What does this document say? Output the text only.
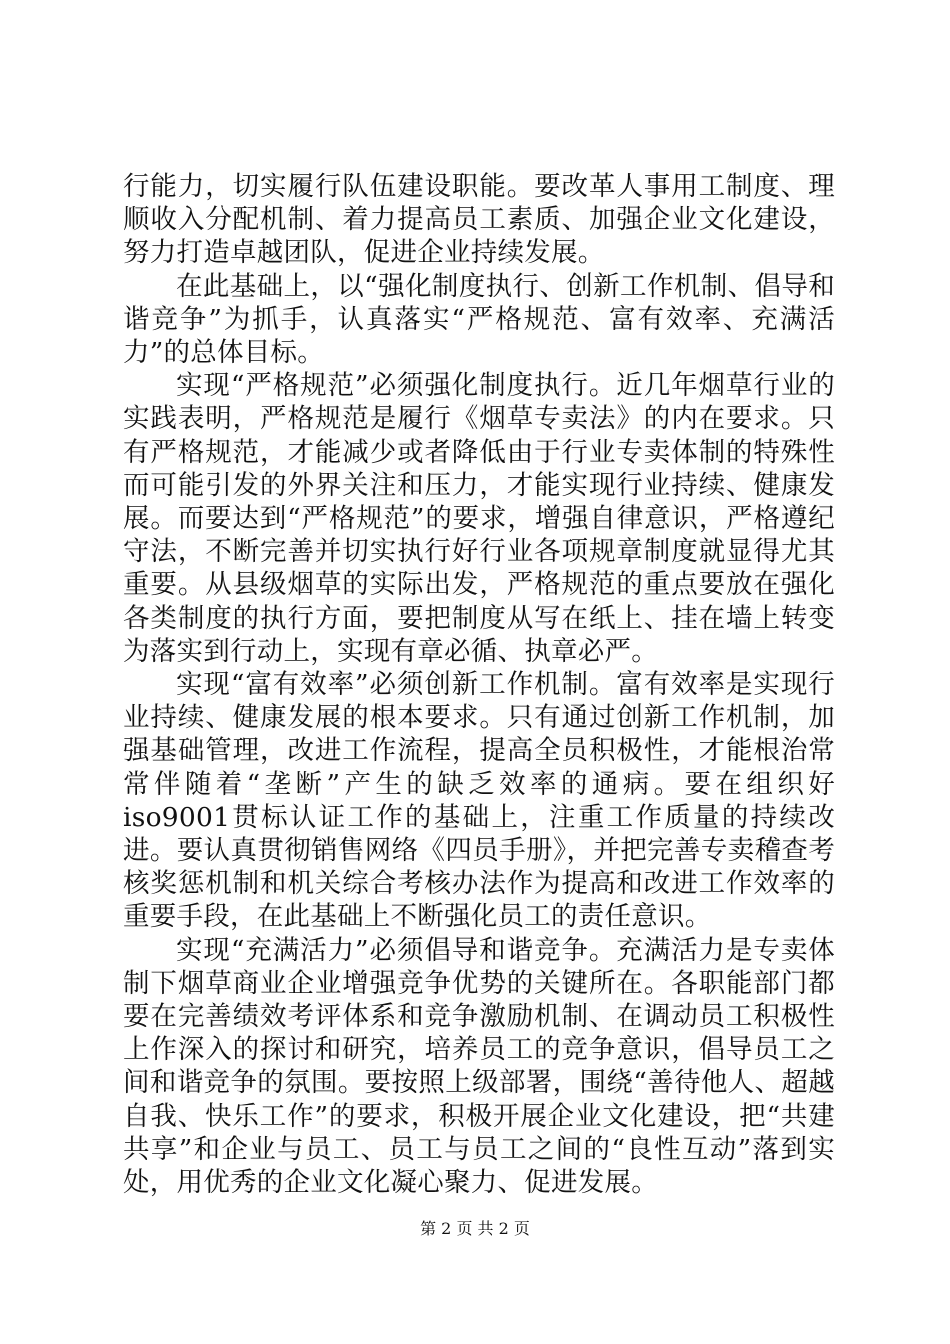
行能力，切实履行队伍建设职能。要改革人事用工制度、理顺收入分配机制、着力提高员工素质、加强企业文化建设，努力打造卓越团队，促进企业持续发展。

在此基础上，以“强化制度执行、创新工作机制、倡导和谐竞争”为抓手，认真落实“严格规范、富有效率、充满活力”的总体目标。

实现“严格规范”必须强化制度执行。近几年烟草行业的实践表明，严格规范是履行《烟草专卖法》的内在要求。只有严格规范，才能减少或者降低由于行业专卖体制的特殊性而可能引发的外界关注和压力，才能实现行业持续、健康发展。而要达到“严格规范”的要求，增强自律意识，严格遵纪守法，不断完善并切实执行好行业各项规章制度就显得尤其重要。从县级烟草的实际出发，严格规范的重点要放在强化各类制度的执行方面，要把制度从写在纸上、挂在墙上转变为落实到行动上，实现有章必循、执章必严。

实现“富有效率”必须创新工作机制。富有效率是实现行业持续、健康发展的根本要求。只有通过创新工作机制，加强基础管理，改进工作流程，提高全员积极性，才能根治常常伴随着“垄断”产生的缺乏效率的通病。要在组织好iso9001贯标认证工作的基础上，注重工作质量的持续改进。要认真贯彻销售网络《四员手册》，并把完善专卖稽查考核奖惩机制和机关综合考核办法作为提高和改进工作效率的重要手段，在此基础上不断强化员工的责任意识。

实现“充满活力”必须倡导和谐竞争。充满活力是专卖体制下烟草商业企业增强竞争优势的关键所在。各职能部门都要在完善绩效考评体系和竞争激励机制、在调动员工积极性上作深入的探讨和研究，培养员工的竞争意识，倡导员工之间和谐竞争的氛围。要按照上级部署，围绕“善待他人、超越自我、快乐工作”的要求，积极开展企业文化建设，把“共建共享”和企业与员工、员工与员工之间的“良性互动”落到实处，用优秀的企业文化凝心聚力、促进发展。

第 2 页 共 2 页
